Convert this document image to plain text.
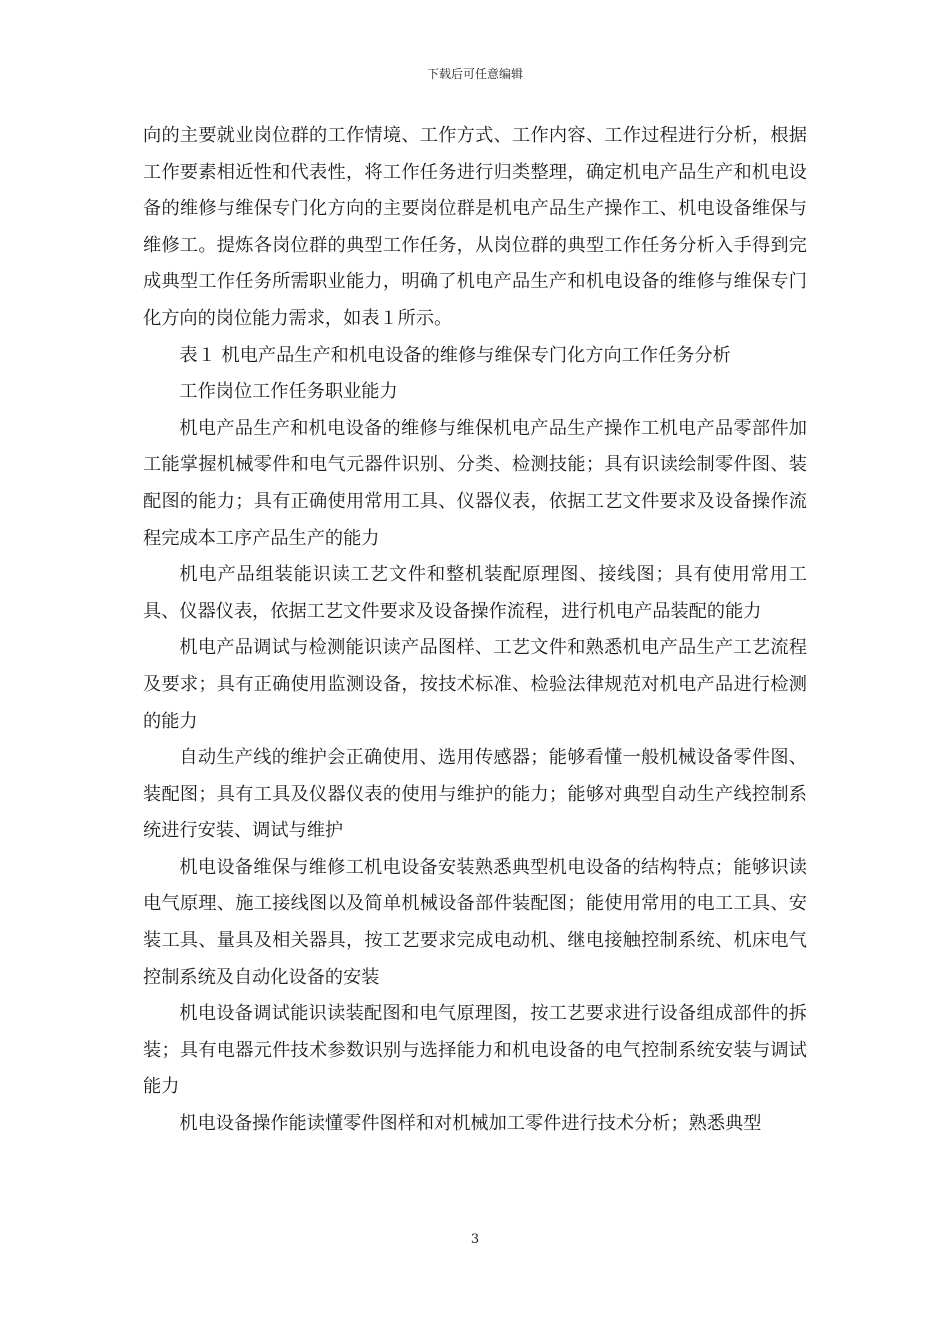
下载后可任意编辑

向的主要就业岗位群的工作情境、工作方式、工作内容、工作过程进行分析，根据工作要素相近性和代表性，将工作任务进行归类整理，确定机电产品生产和机电设备的维修与维保专门化方向的主要岗位群是机电产品生产操作工、机电设备维保与维修工。提炼各岗位群的典型工作任务，从岗位群的典型工作任务分析入手得到完成典型工作任务所需职业能力，明确了机电产品生产和机电设备的维修与维保专门化方向的岗位能力需求，如表１所示。

表１ 机电产品生产和机电设备的维修与维保专门化方向工作任务分析

工作岗位工作任务职业能力

机电产品生产和机电设备的维修与维保机电产品生产操作工机电产品零部件加工能掌握机械零件和电气元器件识别、分类、检测技能；具有识读绘制零件图、装配图的能力；具有正确使用常用工具、仪器仪表，依据工艺文件要求及设备操作流程完成本工序产品生产的能力

机电产品组装能识读工艺文件和整机装配原理图、接线图；具有使用常用工具、仪器仪表，依据工艺文件要求及设备操作流程，进行机电产品装配的能力

机电产品调试与检测能识读产品图样、工艺文件和熟悉机电产品生产工艺流程及要求；具有正确使用监测设备，按技术标准、检验法律规范对机电产品进行检测的能力

自动生产线的维护会正确使用、选用传感器；能够看懂一般机械设备零件图、装配图；具有工具及仪器仪表的使用与维护的能力；能够对典型自动生产线控制系统进行安装、调试与维护

机电设备维保与维修工机电设备安装熟悉典型机电设备的结构特点；能够识读电气原理、施工接线图以及简单机械设备部件装配图；能使用常用的电工工具、安装工具、量具及相关器具，按工艺要求完成电动机、继电接触控制系统、机床电气控制系统及自动化设备的安装

机电设备调试能识读装配图和电气原理图，按工艺要求进行设备组成部件的拆装；具有电器元件技术参数识别与选择能力和机电设备的电气控制系统安装与调试能力

机电设备操作能读懂零件图样和对机械加工零件进行技术分析；熟悉典型

3
